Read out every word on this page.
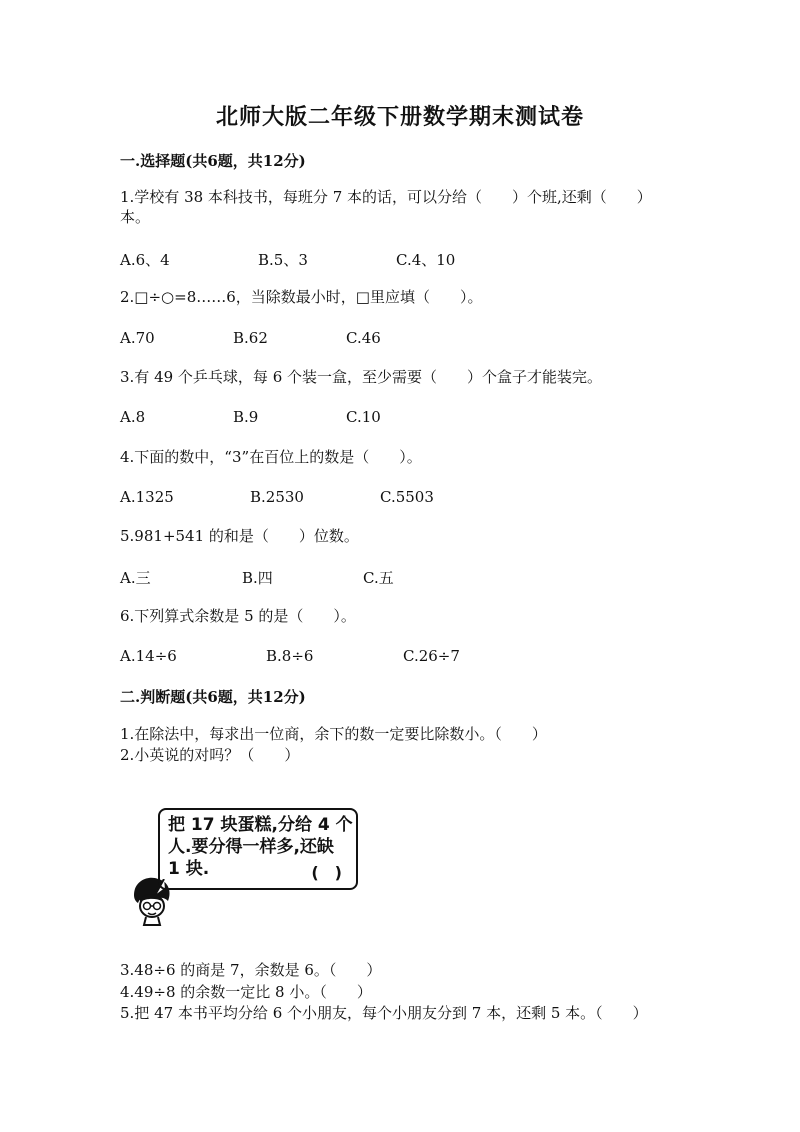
北师大版二年级下册数学期末测试卷
一.选择题(共6题，共12分)
1.学校有 38 本科技书，每班分 7 本的话，可以分给（　　）个班,还剩（　　）
本。
A.6、4	B.5、3	C.4、10
2.□÷○=8……6，当除数最小时，□里应填（　　）。
A.70	B.62	C.46
3.有 49 个乒乓球，每 6 个装一盒，至少需要（　　）个盒子才能装完。
A.8	B.9	C.10
4.下面的数中，“3”在百位上的数是（　　）。
A.1325	B.2530	C.5503
5.981+541 的和是（　　）位数。
A.三	B.四	C.五
6.下列算式余数是 5 的是（　　）。
A.14÷6	B.8÷6	C.26÷7
二.判断题(共6题，共12分)
1.在除法中，每求出一位商，余下的数一定要比除数小。（　　）
2.小英说的对吗？（　　）
把 17 块蛋糕,分给 4 个
人.要分得一样多,还缺
1 块.	(　)
3.48÷6 的商是 7，余数是 6。（　　）
4.49÷8 的余数一定比 8 小。（　　）
5.把 47 本书平均分给 6 个小朋友，每个小朋友分到 7 本，还剩 5 本。（　　）
